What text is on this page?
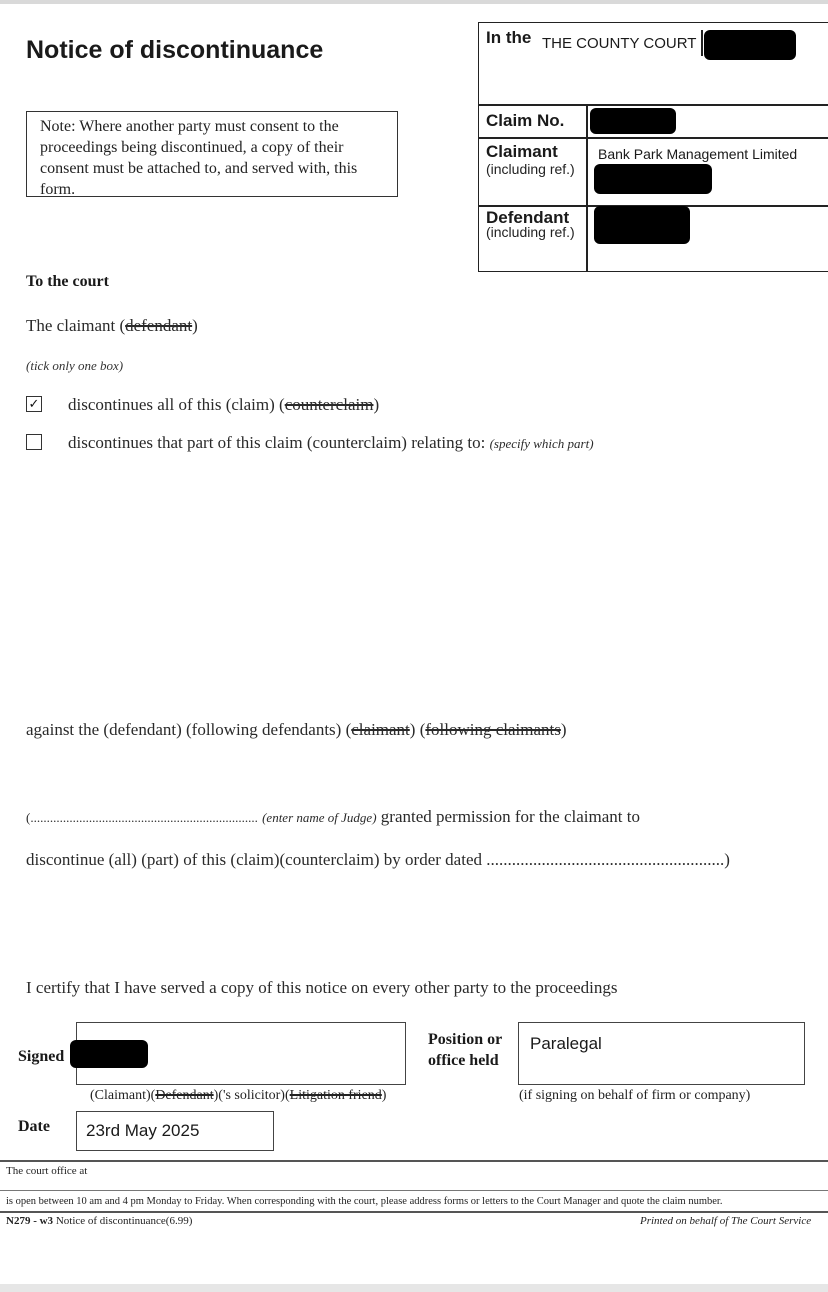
Notice of discontinuance
Note: Where another party must consent to the proceedings being discontinued, a copy of their consent must be attached to, and served with, this form.
In the THE COUNTY COURT
Claim No.
Claimant
(including ref.)
Bank Park Management Limited
Defendant
(including ref.)
To the court
The claimant (defendant)
(tick only one box)
✓ discontinues all of this (claim) (counterclaim)
discontinues that part of this claim (counterclaim) relating to: (specify which part)
against the (defendant) (following defendants) (claimant) (following claimants)
(...................................................................... (enter name of Judge) granted permission for the claimant to
discontinue (all) (part) of this (claim)(counterclaim) by order dated ........................................................)
I certify that I have served a copy of this notice on every other party to the proceedings
Signed
(Claimant)(Defendant)('s solicitor)(Litigation friend)
Position or
office held
Paralegal
(if signing on behalf of firm or company)
Date 23rd May 2025
The court office at
is open between 10 am and 4 pm Monday to Friday. When corresponding with the court, please address forms or letters to the Court Manager and quote the claim number.
N279 - w3 Notice of discontinuance(6.99)	Printed on behalf of The Court Service
